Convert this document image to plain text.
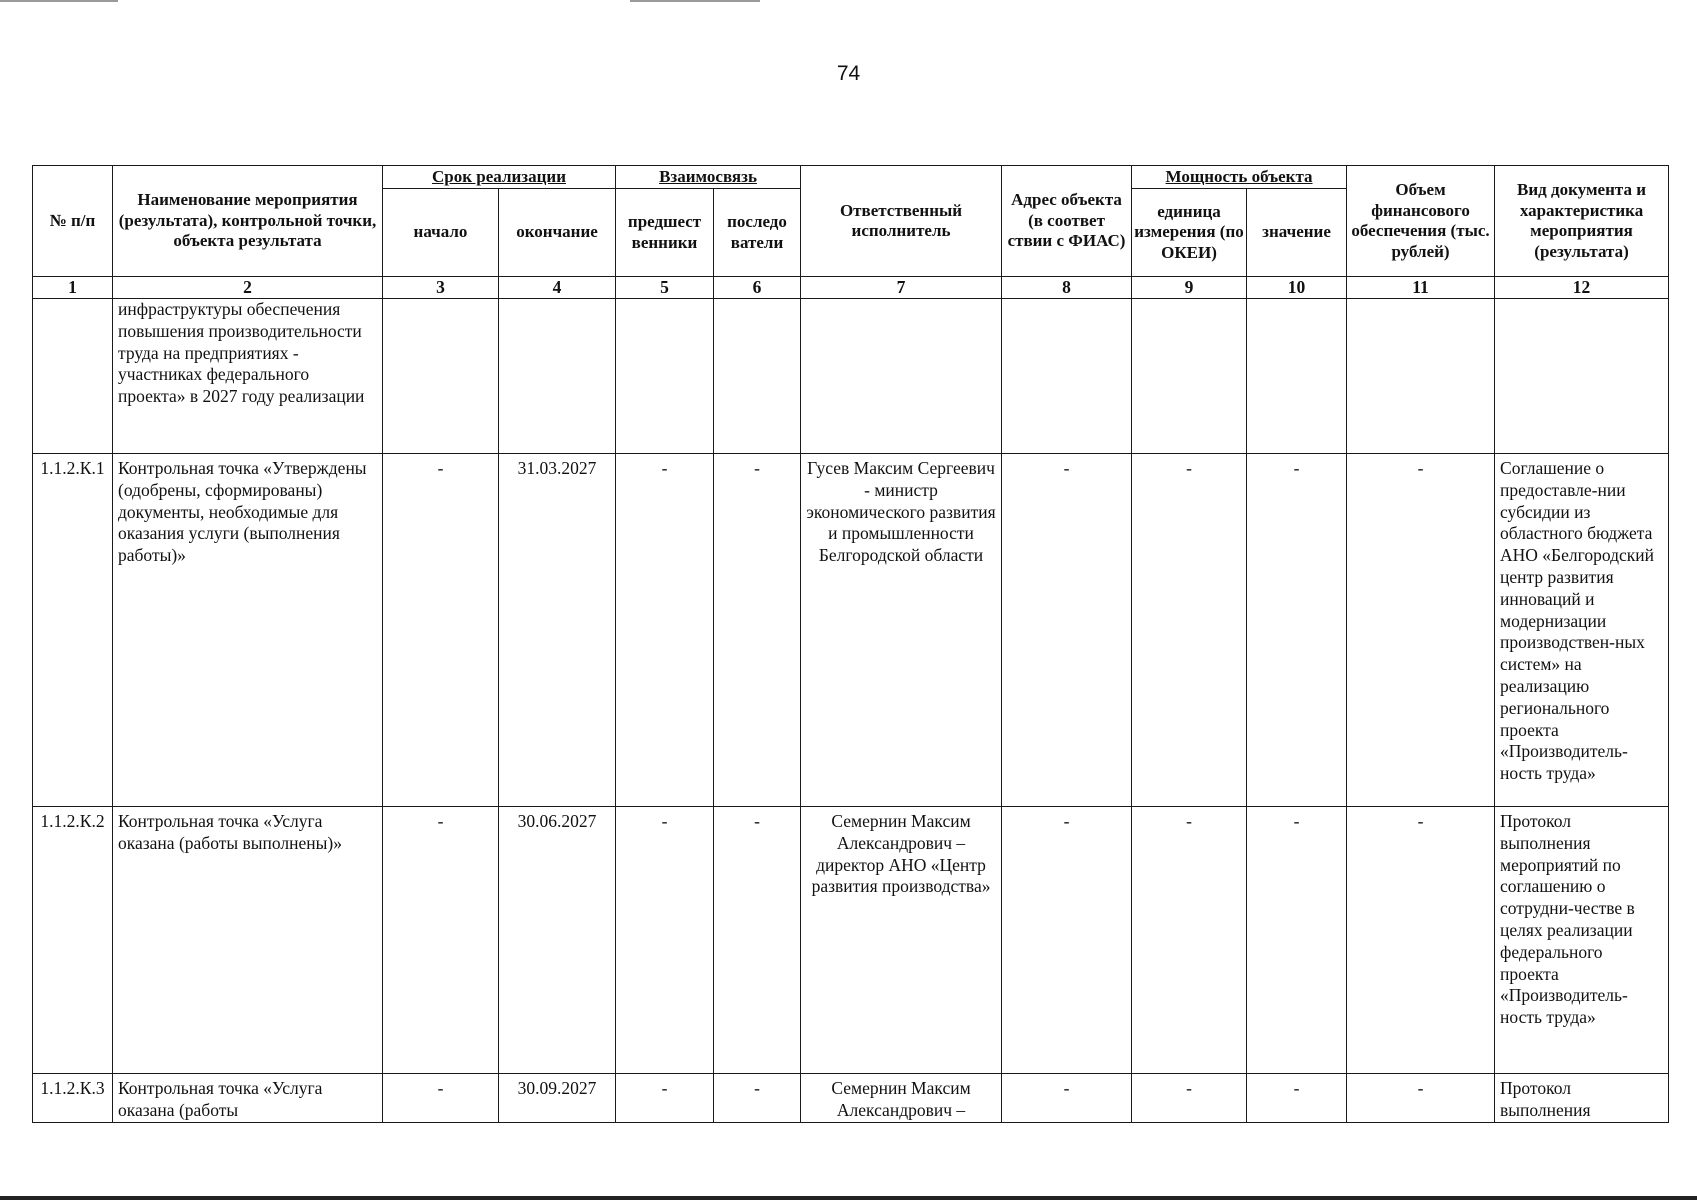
74
№ п/п	Наименование мероприятия (результата), контрольной точки, объекта результата	Срок реализации		Взаимосвязь		Ответственный исполнитель	Адрес объекта (в соответ ствии с ФИАС)	Мощность объекта		Объем финансового обеспечения (тыс. рублей)	Вид документа и характеристика мероприятия (результата)
		начало	окончание	предшест венники	последо ватели			единица измерения (по ОКЕИ)	значение		
1	2	3	4	5	6	7	8	9	10	11	12
	инфраструктуры обеспечения повышения производительности труда на предприятиях - участниках федерального проекта» в 2027 году реализации										
1.1.2.К.1	Контрольная точка «Утверждены (одобрены, сформированы) документы, необходимые для оказания услуги (выполнения работы)»	-	31.03.2027	-	-	Гусев Максим Сергеевич - министр экономического развития и промышленности Белгородской области	-	-	-	-	Соглашение о предоставле-нии субсидии из областного бюджета АНО «Белгородский центр развития инноваций и модернизации производствен-ных систем» на реализацию регионального проекта «Производитель-ность труда»
1.1.2.К.2	Контрольная точка «Услуга оказана (работы выполнены)»	-	30.06.2027	-	-	Семернин Максим Александрович – директор АНО «Центр развития производства»	-	-	-	-	Протокол выполнения мероприятий по соглашению о сотрудни-честве в целях реализации федерального проекта «Производитель-ность труда»
1.1.2.К.3	Контрольная точка «Услуга оказана (работы	-	30.09.2027	-	-	Семернин Максим Александрович –	-	-	-	-	Протокол выполнения
